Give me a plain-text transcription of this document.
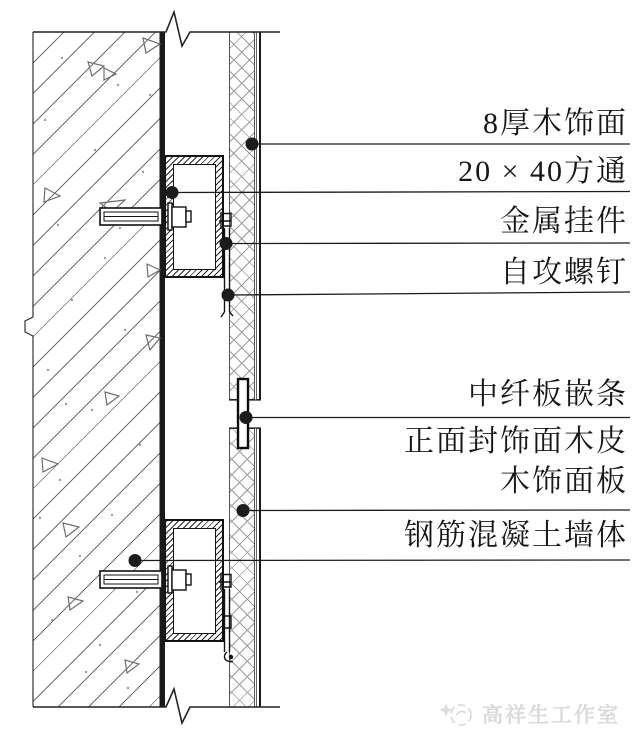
8厚木饰面
20 × 40方通
金属挂件
自攻螺钉
中纤板嵌条
正面封饰面木皮
木饰面板
钢筋混凝土墙体
高祥生工作室
